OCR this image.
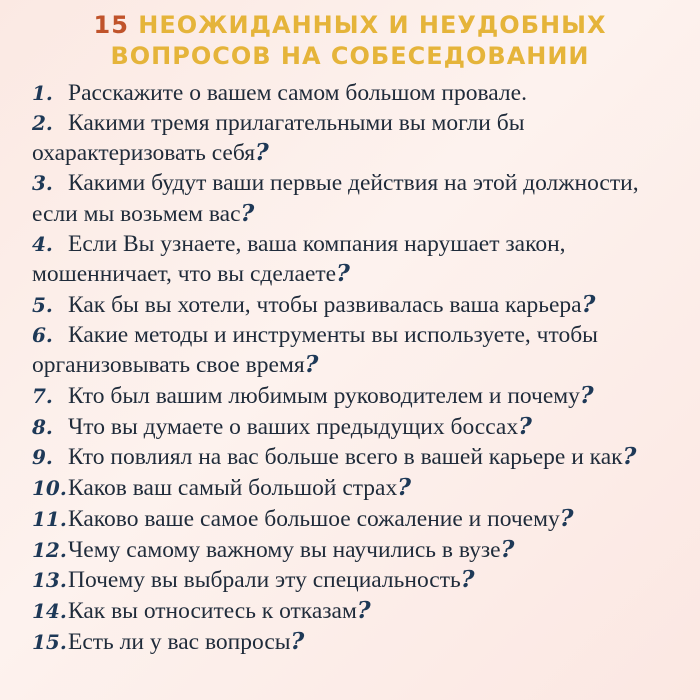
15 НЕОЖИДАННЫХ И НЕУДОБНЫХ
ВОПРОСОВ НА СОБЕСЕДОВАНИИ
1. Расскажите о вашем самом большом провале.
2. Какими тремя прилагательными вы могли бы охарактеризовать себя?
3. Какими будут ваши первые действия на этой должности, если мы возьмем вас?
4. Если Вы узнаете, ваша компания нарушает закон, мошенничает, что вы сделаете?
5. Как бы вы хотели, чтобы развивалась ваша карьера?
6. Какие методы и инструменты вы используете, чтобы организовывать свое время?
7. Кто был вашим любимым руководителем и почему?
8. Что вы думаете о ваших предыдущих боссах?
9. Кто повлиял на вас больше всего в вашей карьере и как?
10.Каков ваш самый большой страх?
11.Каково ваше самое большое сожаление и почему?
12.Чему самому важному вы научились в вузе?
13.Почему вы выбрали эту специальность?
14.Как вы относитесь к отказам?
15.Есть ли у вас вопросы?
